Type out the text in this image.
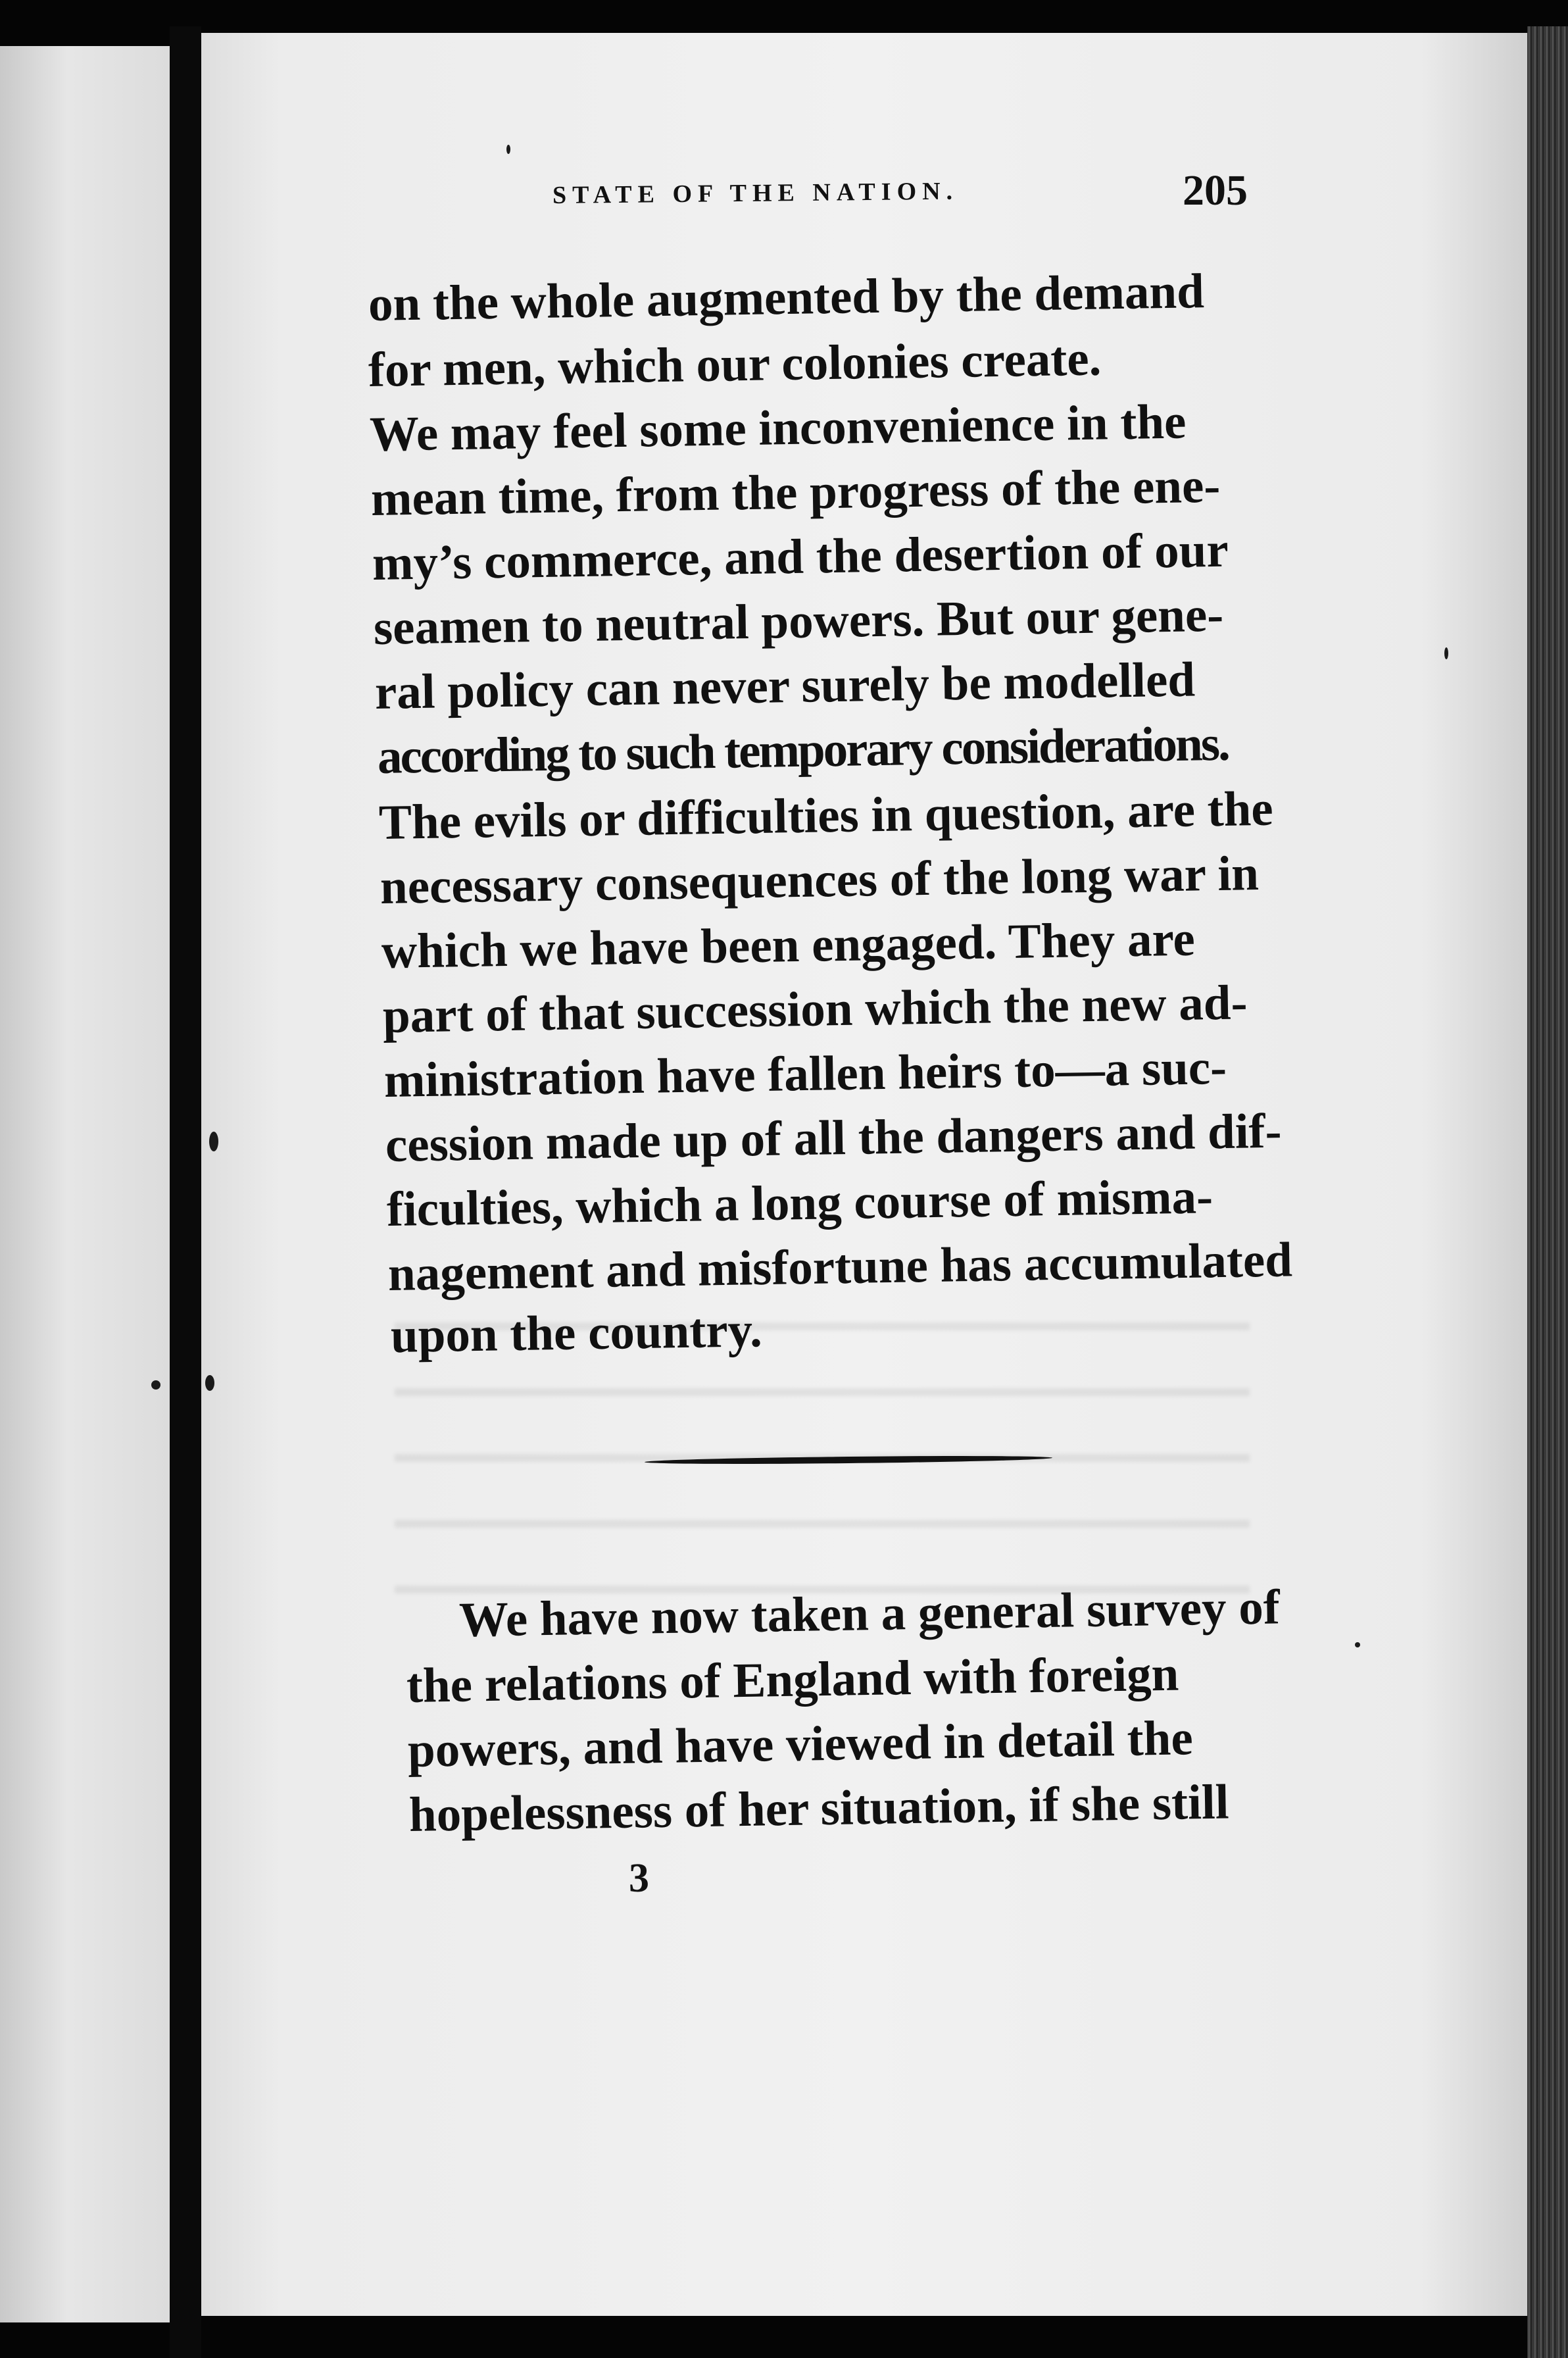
STATE OF THE NATION.	205
on the whole augmented by the demand
for men, which our colonies create.
We may feel some inconvenience in the
mean time, from the progress of the ene-
my’s commerce, and the desertion of our
seamen to neutral powers. But our gene-
ral policy can never surely be modelled
according to such temporary considerations.
The evils or difficulties in question, are the
necessary consequences of the long war in
which we have been engaged. They are
part of that succession which the new ad-
ministration have fallen heirs to—a suc-
cession made up of all the dangers and dif-
ficulties, which a long course of misma-
nagement and misfortune has accumulated
upon the country.
We have now taken a general survey of
the relations of England with foreign
powers, and have viewed in detail the
hopelessness of her situation, if she still
3
